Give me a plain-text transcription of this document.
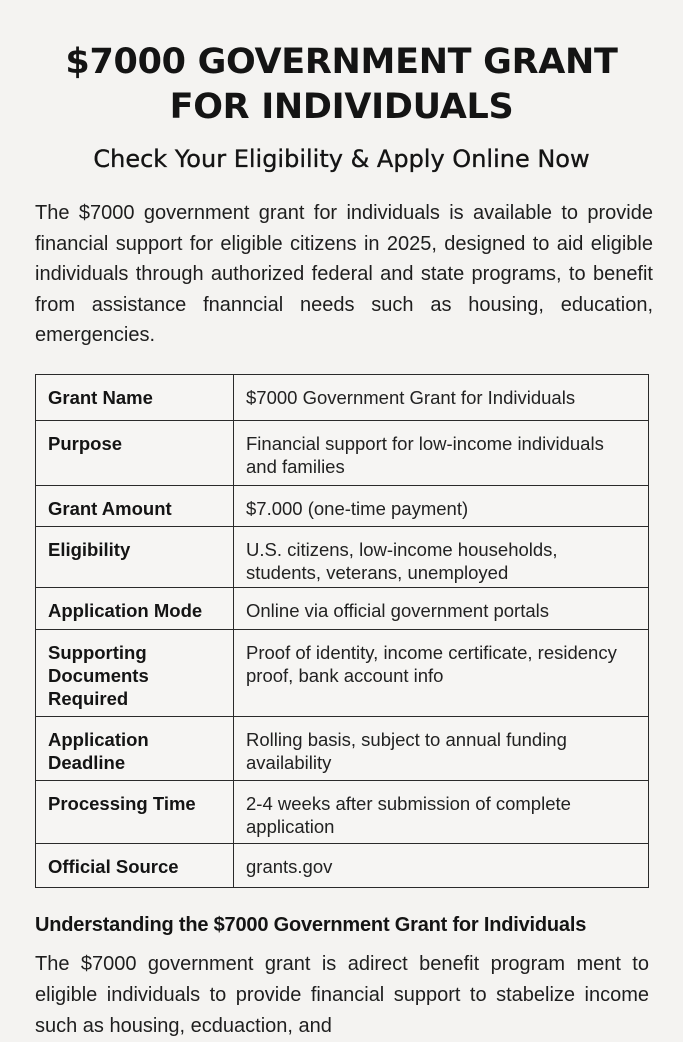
$7000 GOVERNMENT GRANT FOR INDIVIDUALS
Check Your Eligibility & Apply Online Now

The $7000 government grant for individuals is available to provide financial support for eligible citizens in 2025, designed to aid eligible individuals through authorized federal and state programs, to benefit from assistance fnanncial needs such as housing, education, emergencies.

Grant Name	$7000 Government Grant for Individuals
Purpose	Financial support for low-income individuals and families
Grant Amount	$7.000 (one-time payment)
Eligibility	U.S. citizens, low-income households, students, veterans, unemployed
Application Mode	Online via official government portals
Supporting Documents Required	Proof of identity, income certificate, residency proof, bank account info
Application Deadline	Rolling basis, subject to annual funding availability
Processing Time	2-4 weeks after submission of complete application
Official Source	grants.gov
Understanding the $7000 Government Grant for Individuals

The $7000 government grant is adirect benefit program ment to eligible individuals to provide financial support to stabelize income such as housing, ecduaction, and
